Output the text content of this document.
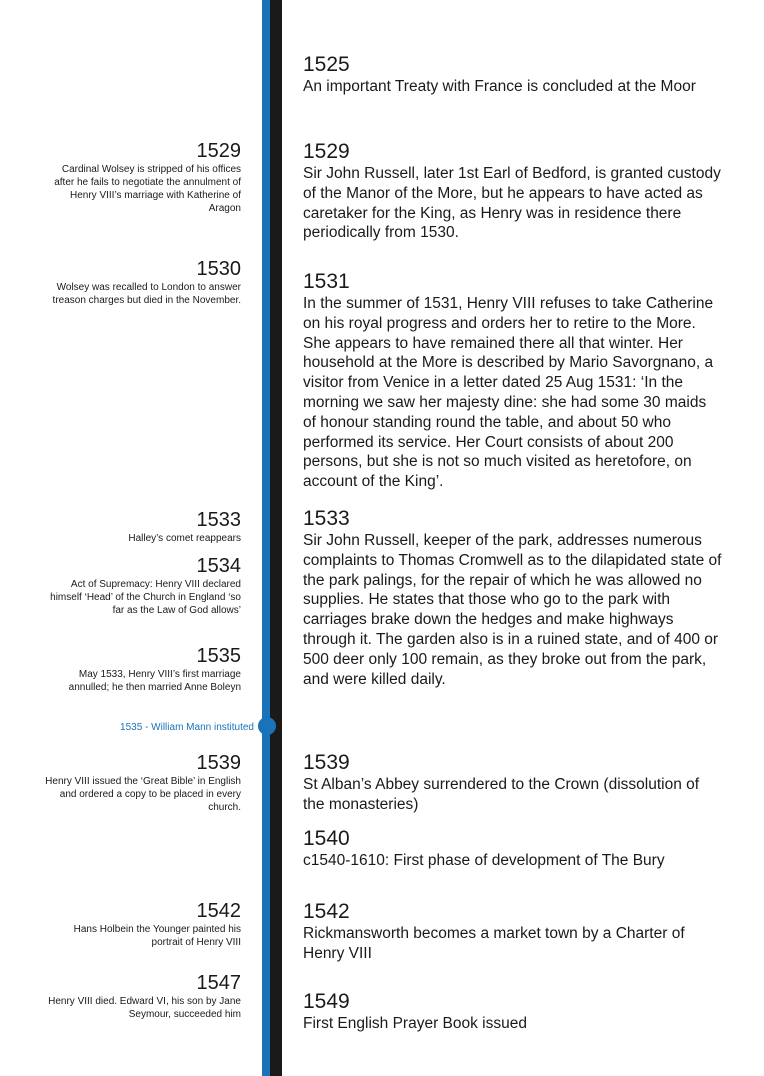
1529
Cardinal Wolsey is stripped of his offices after he fails to negotiate the annulment of Henry VIII’s marriage with Katherine of Aragon
1530
Wolsey was recalled to London to answer treason charges but died in the November.
1533
Halley’s comet reappears
1534
Act of Supremacy: Henry VIII declared himself ‘Head’ of the Church in England ‘so far as the Law of God allows’
1535
May 1533, Henry VIII’s first marriage annulled; he then married Anne Boleyn
1535 - William Mann instituted
1539
Henry VIII issued the ‘Great Bible’ in English and ordered a copy to be placed in every church.
1542
Hans Holbein the Younger painted his portrait of Henry VIII
1547
Henry VIII died. Edward VI, his son by Jane Seymour, succeeded him
1525
An important Treaty with France is concluded at the Moor
1529
Sir John Russell, later 1st Earl of Bedford, is granted custody of the Manor of the More, but he appears to have acted as caretaker for the King, as Henry was in residence there periodically from 1530.
1531
In the summer of 1531, Henry VIII refuses to take Catherine on his royal progress and orders her to retire to the More. She appears to have remained there all that winter. Her household at the More is described by Mario Savorgnano, a visitor from Venice in a letter dated 25 Aug 1531: ‘In the morning we saw her majesty dine: she had some 30 maids of honour standing round the table, and about 50 who performed its service. Her Court consists of about 200 persons, but she is not so much visited as heretofore, on account of the King’.
1533
Sir John Russell, keeper of the park, addresses numerous complaints to Thomas Cromwell as to the dilapidated state of the park palings, for the repair of which he was allowed no supplies. He states that those who go to the park with carriages brake down the hedges and make highways through it. The garden also is in a ruined state, and of 400 or 500 deer only 100 remain, as they broke out from the park, and were killed daily.
1539
St Alban’s Abbey surrendered to the Crown (dissolution of the monasteries)
1540
c1540-1610: First phase of development of The Bury
1542
Rickmansworth becomes a market town by a Charter of Henry VIII
1549
First English Prayer Book issued
